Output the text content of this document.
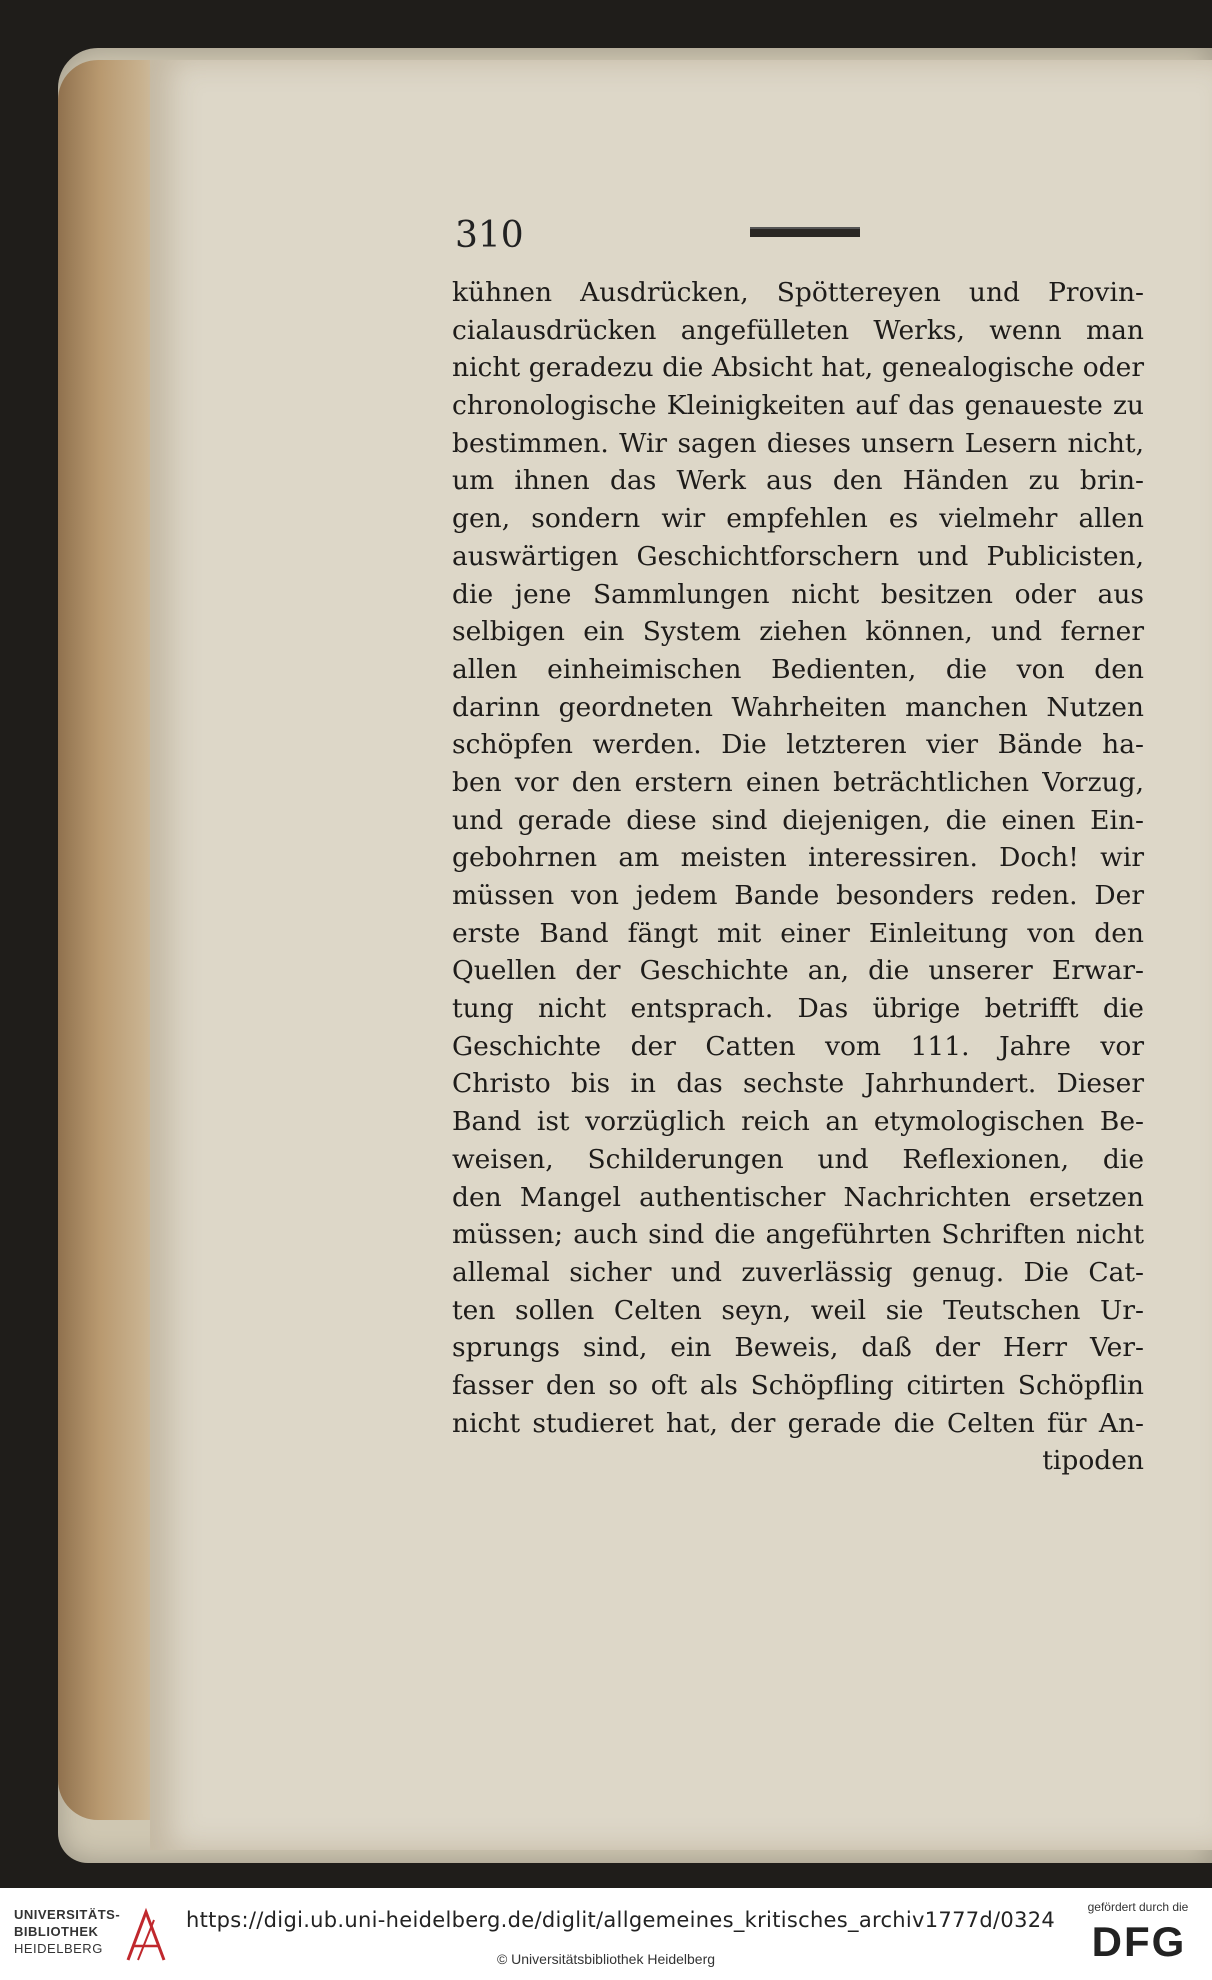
310
kühnen Ausdrücken, Spöttereyen und Provin-
cialausdrücken angefülleten Werks, wenn man
nicht geradezu die Absicht hat, genealogische oder
chronologische Kleinigkeiten auf das genaueste zu
bestimmen. Wir sagen dieses unsern Lesern nicht,
um ihnen das Werk aus den Händen zu brin-
gen, sondern wir empfehlen es vielmehr allen
auswärtigen Geschichtforschern und Publicisten,
die jene Sammlungen nicht besitzen oder aus
selbigen ein System ziehen können, und ferner
allen einheimischen Bedienten, die von den
darinn geordneten Wahrheiten manchen Nutzen
schöpfen werden. Die letzteren vier Bände ha-
ben vor den erstern einen beträchtlichen Vorzug,
und gerade diese sind diejenigen, die einen Ein-
gebohrnen am meisten interessiren. Doch! wir
müssen von jedem Bande besonders reden. Der
erste Band fängt mit einer Einleitung von den
Quellen der Geschichte an, die unserer Erwar-
tung nicht entsprach. Das übrige betrifft die
Geschichte der Catten vom 111. Jahre vor
Christo bis in das sechste Jahrhundert. Dieser
Band ist vorzüglich reich an etymologischen Be-
weisen, Schilderungen und Reflexionen, die
den Mangel authentischer Nachrichten ersetzen
müssen; auch sind die angeführten Schriften nicht
allemal sicher und zuverlässig genug. Die Cat-
ten sollen Celten seyn, weil sie Teutschen Ur-
sprungs sind, ein Beweis, daß der Herr Ver-
fasser den so oft als Schöpfling citirten Schöpflin
nicht studieret hat, der gerade die Celten für An-
tipoden
UNIVERSITÄTS-
BIBLIOTHEK
HEIDELBERG
https://digi.ub.uni-heidelberg.de/diglit/allgemeines_kritisches_archiv1777d/0324
© Universitätsbibliothek Heidelberg
gefördert durch die
DFG
